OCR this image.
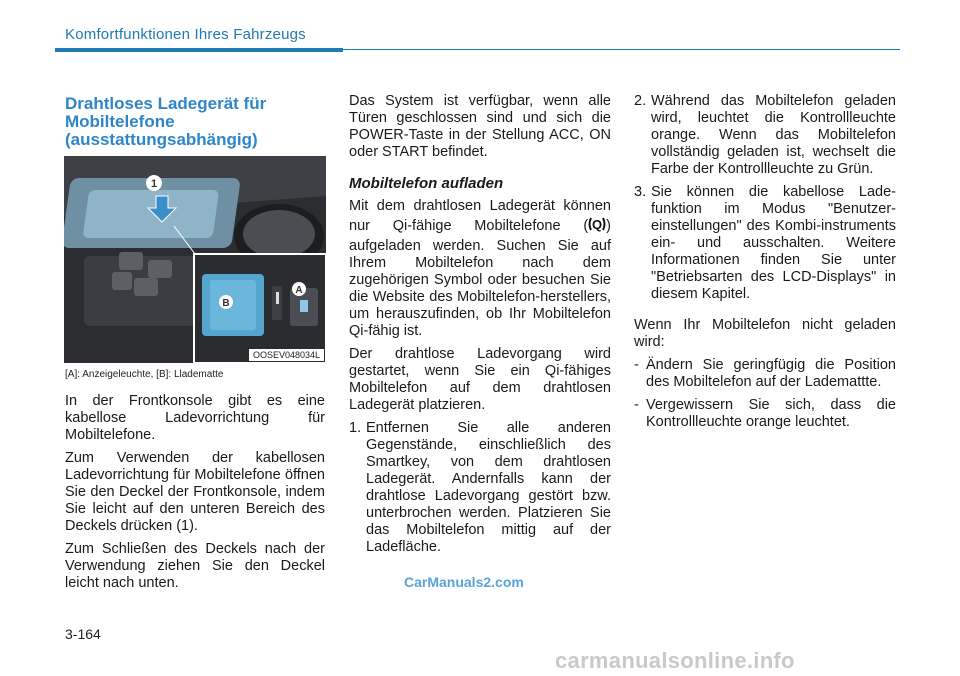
Komfortfunktionen Ihres Fahrzeugs
Drahtloses Ladegerät für Mobiltelefone (ausstattungsabhängig)
1
B
A
OOSEV048034L
[A]: Anzeigeleuchte, [B]: Lladematte

In der Frontkonsole gibt es eine kabellose Ladevorrichtung für Mobiltelefone.

Zum Verwenden der kabellosen Ladevorrichtung für Mobiltelefone öffnen Sie den Deckel der Frontkonsole, indem Sie leicht auf den unteren Bereich des Deckels drücken (1).

Zum Schließen des Deckels nach der Verwendung ziehen Sie den Deckel leicht nach unten.

Das System ist verfügbar, wenn alle Türen geschlossen sind und sich die POWER-Taste in der Stellung ACC, ON oder START befindet.

Mobiltelefon aufladen

Mit dem drahtlosen Ladegerät können nur Qi-fähige Mobiltelefone ( Q ) aufgeladen werden. Suchen Sie auf Ihrem Mobiltelefon nach dem zugehörigen Symbol oder besuchen Sie die Website des Mobiltelefon-herstellers, um herauszufinden, ob Ihr Mobiltelefon Qi-fähig ist.

Der drahtlose Ladevorgang wird gestartet, wenn Sie ein Qi-fähiges Mobiltelefon auf dem drahtlosen Ladegerät platzieren.

1. Entfernen Sie alle anderen Gegenstände, einschließlich des Smartkey, von dem drahtlosen Ladegerät. Andernfalls kann der drahtlose Ladevorgang gestört bzw. unterbrochen werden. Platzieren Sie das Mobiltelefon mittig auf der Ladefläche.
2. Während das Mobiltelefon geladen wird, leuchtet die Kontrollleuchte orange. Wenn das Mobiltelefon vollständig geladen ist, wechselt die Farbe der Kontrollleuchte zu Grün.
3. Sie können die kabellose Lade-funktion im Modus "Benutzer-einstellungen" des Kombi-instruments ein- und ausschalten. Weitere Informationen finden Sie unter "Betriebsarten des LCD-Displays" in diesem Kapitel.

Wenn Ihr Mobiltelefon nicht geladen wird:

- Ändern Sie geringfügig die Position des Mobiltelefon auf der Lademattte.
- Vergewissern Sie sich, dass die Kontrollleuchte orange leuchtet.
CarManuals2.com
3-164
carmanualsonline.info
